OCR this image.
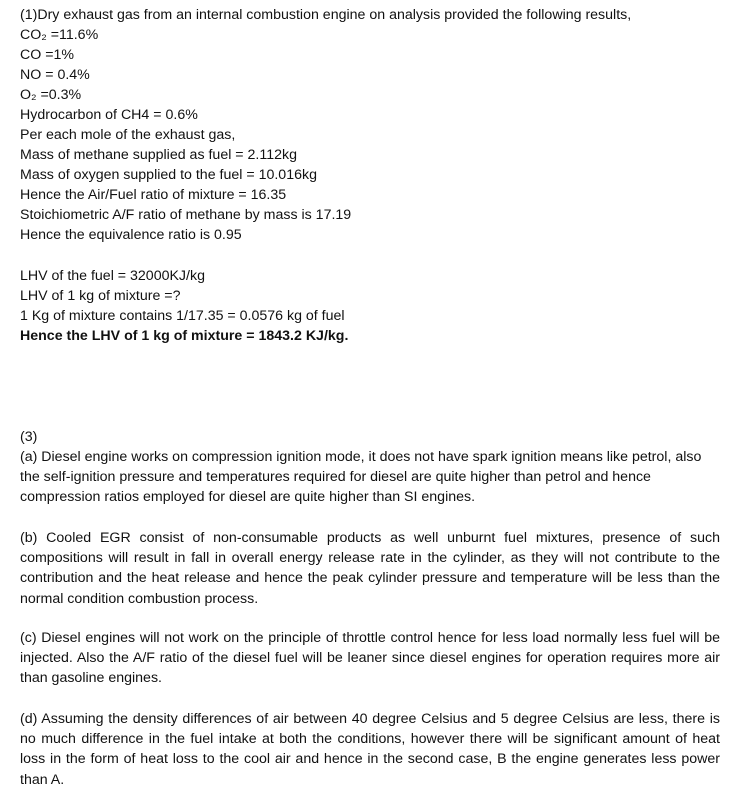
(1)Dry exhaust gas from an internal combustion engine on analysis provided the following results,
CO₂ =11.6%
CO =1%
NO = 0.4%
O₂ =0.3%
Hydrocarbon of CH4 = 0.6%
Per each mole of the exhaust gas,
Mass of methane supplied as fuel = 2.112kg
Mass of oxygen supplied to the fuel = 10.016kg
Hence the Air/Fuel ratio of mixture = 16.35
Stoichiometric A/F ratio of methane by mass is 17.19
Hence the equivalence ratio is 0.95
LHV of the fuel = 32000KJ/kg
LHV of 1 kg of mixture =?
1 Kg of mixture contains 1/17.35 = 0.0576 kg of fuel
Hence the LHV of 1 kg of mixture = 1843.2 KJ/kg.
(3)
(a) Diesel engine works on compression ignition mode, it does not have spark ignition means like petrol, also the self-ignition pressure and temperatures required for diesel are quite higher than petrol and hence compression ratios employed for diesel are quite higher than SI engines.
(b) Cooled EGR consist of non-consumable products as well unburnt fuel mixtures, presence of such compositions will result in fall in overall energy release rate in the cylinder, as they will not contribute to the contribution and the heat release and hence the peak cylinder pressure and temperature will be less than the normal condition combustion process.
(c) Diesel engines will not work on the principle of throttle control hence for less load normally less fuel will be injected. Also the A/F ratio of the diesel fuel will be leaner since diesel engines for operation requires more air than gasoline engines.
(d) Assuming the density differences of air between 40 degree Celsius and 5 degree Celsius are less, there is no much difference in the fuel intake at both the conditions, however there will be significant amount of heat loss in the form of heat loss to the cool air and hence in the second case, B the engine generates less power than A.
